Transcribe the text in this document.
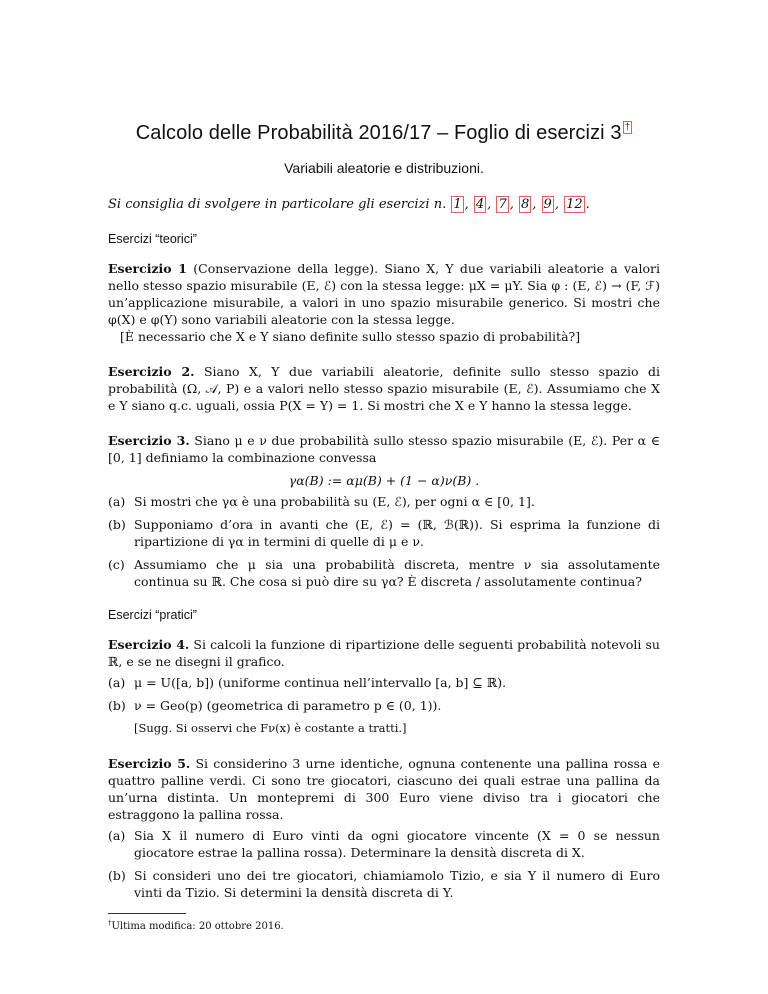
Calcolo delle Probabilità 2016/17 – Foglio di esercizi 3 †
Variabili aleatorie e distribuzioni.

Si consiglia di svolgere in particolare gli esercizi n. 1 , 4 , 7 , 8 , 9 , 12 .

Esercizi “teorici”

Esercizio 1 (Conservazione della legge). Siano X, Y due variabili aleatorie a valori nello stesso spazio misurabile (E, ℰ) con la stessa legge: μX = μY. Sia φ : (E, ℰ) → (F, ℱ) un’applicazione misurabile, a valori in uno spazio misurabile generico. Si mostri che φ(X) e φ(Y) sono variabili aleatorie con la stessa legge.

[È necessario che X e Y siano definite sullo stesso spazio di probabilità?]

Esercizio 2. Siano X, Y due variabili aleatorie, definite sullo stesso spazio di probabilità (Ω, 𝒜, P) e a valori nello stesso spazio misurabile (E, ℰ). Assumiamo che X e Y siano q.c. uguali, ossia P(X = Y) = 1. Si mostri che X e Y hanno la stessa legge.

Esercizio 3. Siano μ e ν due probabilità sullo stesso spazio misurabile (E, ℰ). Per α ∈ [0, 1] definiamo la combinazione convessa

γα(B) := αμ(B) + (1 − α)ν(B) .
(a) Si mostri che γα è una probabilità su (E, ℰ), per ogni α ∈ [0, 1].
(b) Supponiamo d’ora in avanti che (E, ℰ) = (ℝ, ℬ(ℝ)). Si esprima la funzione di ripartizione di γα in termini di quelle di μ e ν.
(c) Assumiamo che μ sia una probabilità discreta, mentre ν sia assolutamente continua su ℝ. Che cosa si può dire su γα? È discreta / assolutamente continua?
Esercizi “pratici”

Esercizio 4. Si calcoli la funzione di ripartizione delle seguenti probabilità notevoli su ℝ, e se ne disegni il grafico.

(a) μ = U([a, b]) (uniforme continua nell’intervallo [a, b] ⊆ ℝ).
(b) ν = Geo(p) (geometrica di parametro p ∈ (0, 1)).
[Sugg. Si osservi che Fν(x) è costante a tratti.]

Esercizio 5. Si considerino 3 urne identiche, ognuna contenente una pallina rossa e quattro palline verdi. Ci sono tre giocatori, ciascuno dei quali estrae una pallina da un’urna distinta. Un montepremi di 300 Euro viene diviso tra i giocatori che estraggono la pallina rossa.

(a) Sia X il numero di Euro vinti da ogni giocatore vincente (X = 0 se nessun giocatore estrae la pallina rossa). Determinare la densità discreta di X.
(b) Si consideri uno dei tre giocatori, chiamiamolo Tizio, e sia Y il numero di Euro vinti da Tizio. Si determini la densità discreta di Y.
†Ultima modifica: 20 ottobre 2016.
